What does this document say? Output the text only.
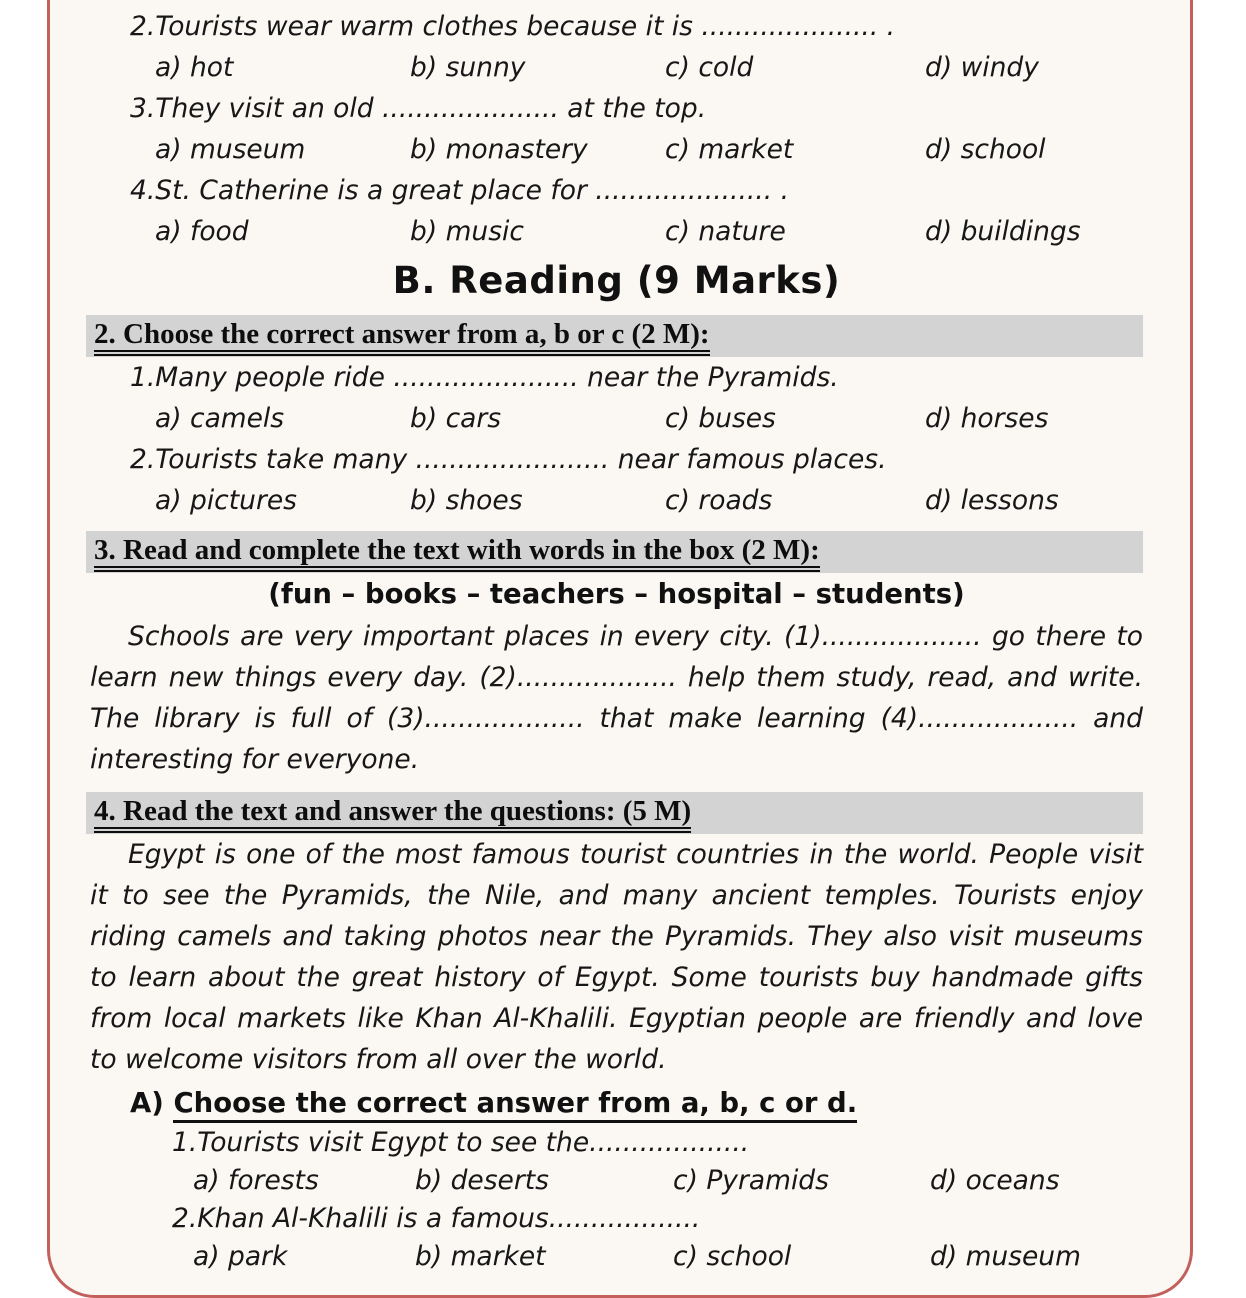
2.Tourists wear warm clothes because it is ..................... .
a) hot	b) sunny	c) cold	d) windy
3.They visit an old ..................... at the top.
a) museum	b) monastery	c) market	d) school
4.St. Catherine is a great place for ..................... .
a) food	b) music	c) nature	d) buildings
B. Reading (9 Marks)
2. Choose the correct answer from a, b or c (2 M):
1.Many people ride ...................... near the Pyramids.
a) camels	b) cars	c) buses	d) horses
2.Tourists take many ....................... near famous places.
a) pictures	b) shoes	c) roads	d) lessons
3. Read and complete the text with words in the box (2 M):
(fun – books – teachers – hospital – students)
Schools are very important places in every city. (1)................... go there to learn new things every day. (2)................... help them study, read, and write. The library is full of (3)................... that make learning (4)................... and interesting for everyone.
4. Read the text and answer the questions: (5 M)
Egypt is one of the most famous tourist countries in the world. People visit it to see the Pyramids, the Nile, and many ancient temples. Tourists enjoy riding camels and taking photos near the Pyramids. They also visit museums to learn about the great history of Egypt. Some tourists buy handmade gifts from local markets like Khan Al-Khalili. Egyptian people are friendly and love to welcome visitors from all over the world.
A) Choose the correct answer from a, b, c or d.
1.Tourists visit Egypt to see the...................
a) forests	b) deserts	c) Pyramids	d) oceans
2.Khan Al-Khalili is a famous..................
a) park	b) market	c) school	d) museum
